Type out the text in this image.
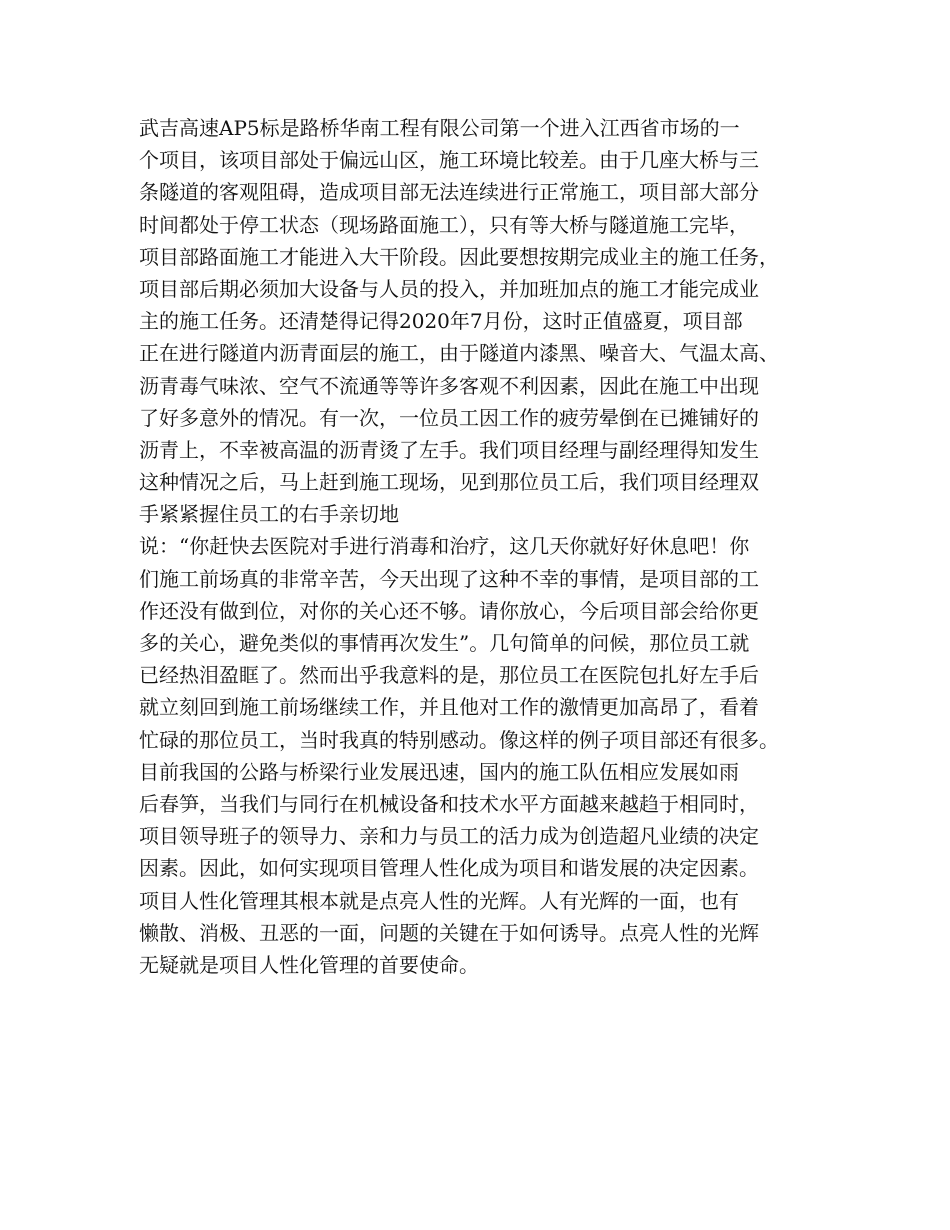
武吉高速AP5标是路桥华南工程有限公司第一个进入江西省市场的一
个项目，该项目部处于偏远山区，施工环境比较差。由于几座大桥与三
条隧道的客观阻碍，造成项目部无法连续进行正常施工，项目部大部分
时间都处于停工状态（现场路面施工），只有等大桥与隧道施工完毕，
项目部路面施工才能进入大干阶段。因此要想按期完成业主的施工任务，
项目部后期必须加大设备与人员的投入，并加班加点的施工才能完成业
主的施工任务。还清楚得记得2020年7月份，这时正值盛夏，项目部
正在进行隧道内沥青面层的施工，由于隧道内漆黑、噪音大、气温太高、
沥青毒气味浓、空气不流通等等许多客观不利因素，因此在施工中出现
了好多意外的情况。有一次，一位员工因工作的疲劳晕倒在已摊铺好的
沥青上，不幸被高温的沥青烫了左手。我们项目经理与副经理得知发生
这种情况之后，马上赶到施工现场，见到那位员工后，我们项目经理双
手紧紧握住员工的右手亲切地
说：“你赶快去医院对手进行消毒和治疗，这几天你就好好休息吧！你
们施工前场真的非常辛苦，今天出现了这种不幸的事情，是项目部的工
作还没有做到位，对你的关心还不够。请你放心，今后项目部会给你更
多的关心，避免类似的事情再次发生”。几句简单的问候，那位员工就
已经热泪盈眶了。然而出乎我意料的是，那位员工在医院包扎好左手后
就立刻回到施工前场继续工作，并且他对工作的激情更加高昂了，看着
忙碌的那位员工，当时我真的特别感动。像这样的例子项目部还有很多。
目前我国的公路与桥梁行业发展迅速，国内的施工队伍相应发展如雨
后春笋，当我们与同行在机械设备和技术水平方面越来越趋于相同时，
项目领导班子的领导力、亲和力与员工的活力成为创造超凡业绩的决定
因素。因此，如何实现项目管理人性化成为项目和谐发展的决定因素。
项目人性化管理其根本就是点亮人性的光辉。人有光辉的一面，也有
懒散、消极、丑恶的一面，问题的关键在于如何诱导。点亮人性的光辉
无疑就是项目人性化管理的首要使命。
